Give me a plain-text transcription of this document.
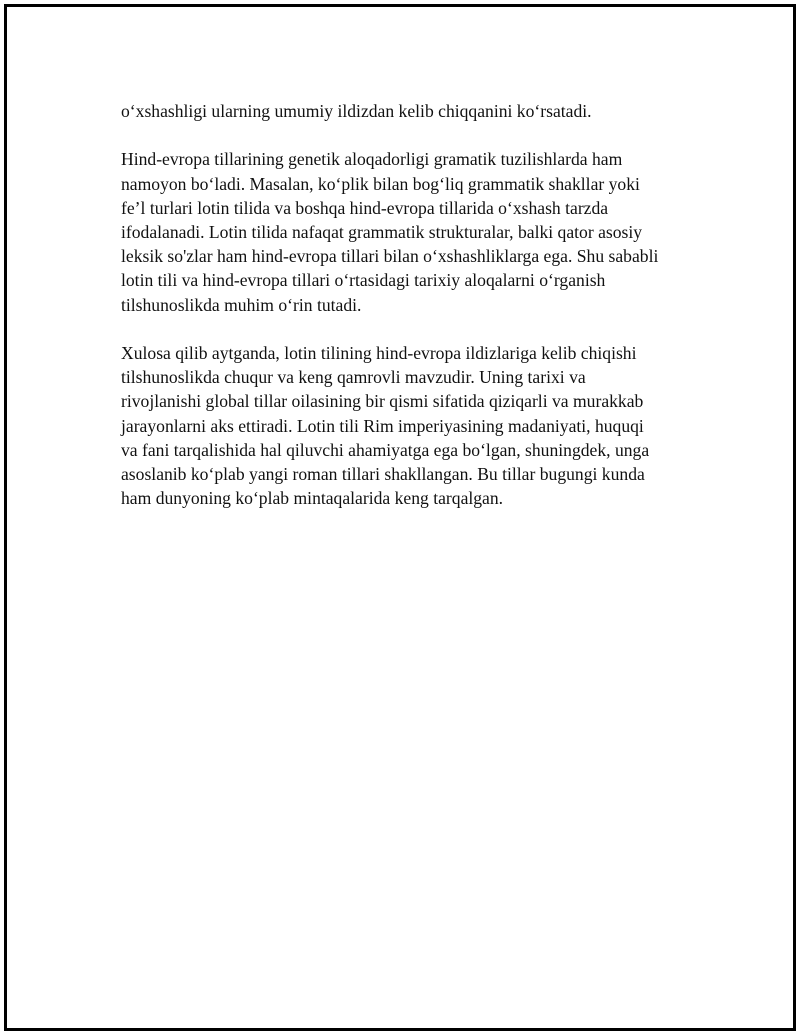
o‘xshashligi ularning umumiy ildizdan kelib chiqqanini ko‘rsatadi.

Hind-evropa tillarining genetik aloqadorligi gramatik tuzilishlarda ham
namoyon bo‘ladi. Masalan, ko‘plik bilan bog‘liq grammatik shakllar yoki
fe’l turlari lotin tilida va boshqa hind-evropa tillarida o‘xshash tarzda
ifodalanadi. Lotin tilida nafaqat grammatik strukturalar, balki qator asosiy
leksik so'zlar ham hind-evropa tillari bilan o‘xshashliklarga ega. Shu sababli
lotin tili va hind-evropa tillari o‘rtasidagi tarixiy aloqalarni o‘rganish
tilshunoslikda muhim o‘rin tutadi.

Xulosa qilib aytganda, lotin tilining hind-evropa ildizlariga kelib chiqishi
tilshunoslikda chuqur va keng qamrovli mavzudir. Uning tarixi va
rivojlanishi global tillar oilasining bir qismi sifatida qiziqarli va murakkab
jarayonlarni aks ettiradi. Lotin tili Rim imperiyasining madaniyati, huquqi
va fani tarqalishida hal qiluvchi ahamiyatga ega bo‘lgan, shuningdek, unga
asoslanib ko‘plab yangi roman tillari shakllangan. Bu tillar bugungi kunda
ham dunyoning ko‘plab mintaqalarida keng tarqalgan.
